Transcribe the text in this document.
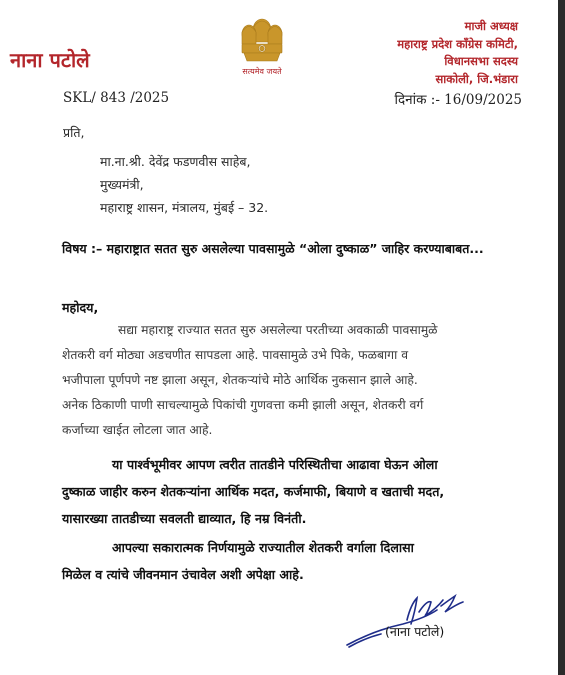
नाना पटोले	सत्यमेव जयते
माजी अध्यक्ष
महाराष्ट्र प्रदेश काँग्रेस कमिटी,
विधानसभा सदस्य
साकोली, जि.भंडारा
SKL/ 843 /2025	दिनांक :- 16/09/2025
प्रति,
मा.ना.श्री. देवेंद्र फडणवीस साहेब,
मुख्यमंत्री,
महाराष्ट्र शासन, मंत्रालय, मुंबई – 32.
विषय :– महाराष्ट्रात सतत सुरु असलेल्या पावसामुळे “ओला दुष्काळ” जाहिर करण्याबाबत...
महोदय,
सद्या महाराष्ट्र राज्यात सतत सुरु असलेल्या परतीच्या अवकाळी पावसामुळे
शेतकरी वर्ग मोठ्या अडचणीत सापडला आहे. पावसामुळे उभे पिके, फळबागा व
भजीपाला पूर्णपणे नष्ट झाला असून, शेतकऱ्यांचे मोठे आर्थिक नुकसान झाले आहे.
अनेक ठिकाणी पाणी साचल्यामुळे पिकांची गुणवत्ता कमी झाली असून, शेतकरी वर्ग
कर्जाच्या खाईत लोटला जात आहे.
या पार्श्वभूमीवर आपण त्वरीत तातडीने परिस्थितीचा आढावा घेऊन ओला
दुष्काळ जाहीर करुन शेतकऱ्यांना आर्थिक मदत, कर्जमाफी, बियाणे व खताची मदत,
यासारख्या तातडीच्या सवलती द्याव्यात, हि नम्र विनंती.
आपल्या सकारात्मक निर्णयामुळे राज्यातील शेतकरी वर्गाला दिलासा
मिळेल व त्यांचे जीवनमान उंचावेल अशी अपेक्षा आहे.
(नाना पटोले)
